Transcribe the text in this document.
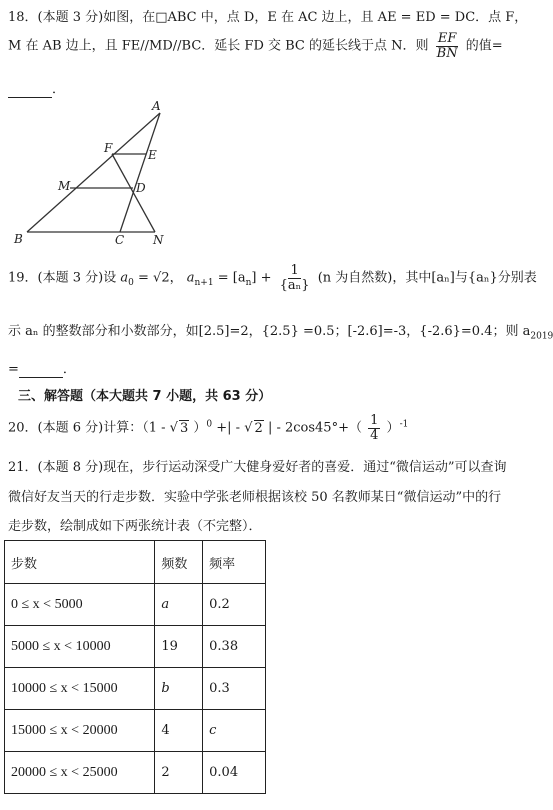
18．(本题 3 分)如图，在□ABC 中，点 D，E 在 AC 边上，且 AE = ED = DC．点 F，
M 在 AB 边上，且 FE//MD//BC．延长 FD 交 BC 的延长线于点 N．则 $\frac{EF}{BN}$ 的值=
．
A
F	E
M	D
B	C N
19．(本题 3 分)设 $a_0 = √2$， $a_{n+1} = [a_n] + \frac{1}{\text{\{aₙ\}}} (n$ 为自然数)，其中[aₙ]与{aₙ}分别表
示 aₙ 的整数部分和小数部分，如[2.5]=2，{2.5} =0.5；[-2.6]=-3，{-2.6}=0.4；则 $a_{2019}$
=	．
三、解答题（本大题共 7 小题，共 63 分）
20．(本题 6 分)计算：（1 - √ 3 ）$^0$ +| - √ 2 | - $2\cos 45^\circ+( \frac{1}{4} )^{-1}$
21．(本题 8 分)现在，步行运动深受广大健身爱好者的喜爱．通过“微信运动”可以查询
微信好友当天的行走步数．实验中学张老师根据该校 50 名教师某日“微信运动”中的行
走步数，绘制成如下两张统计表（不完整）．
步数	频数	频率
0 ≤ x < 5000	a	0.2
5000 ≤ x < 10000	19	0.38
10000 ≤ x < 15000	b	0.3
15000 ≤ x < 20000	4	c
20000 ≤ x < 25000	2	0.04
